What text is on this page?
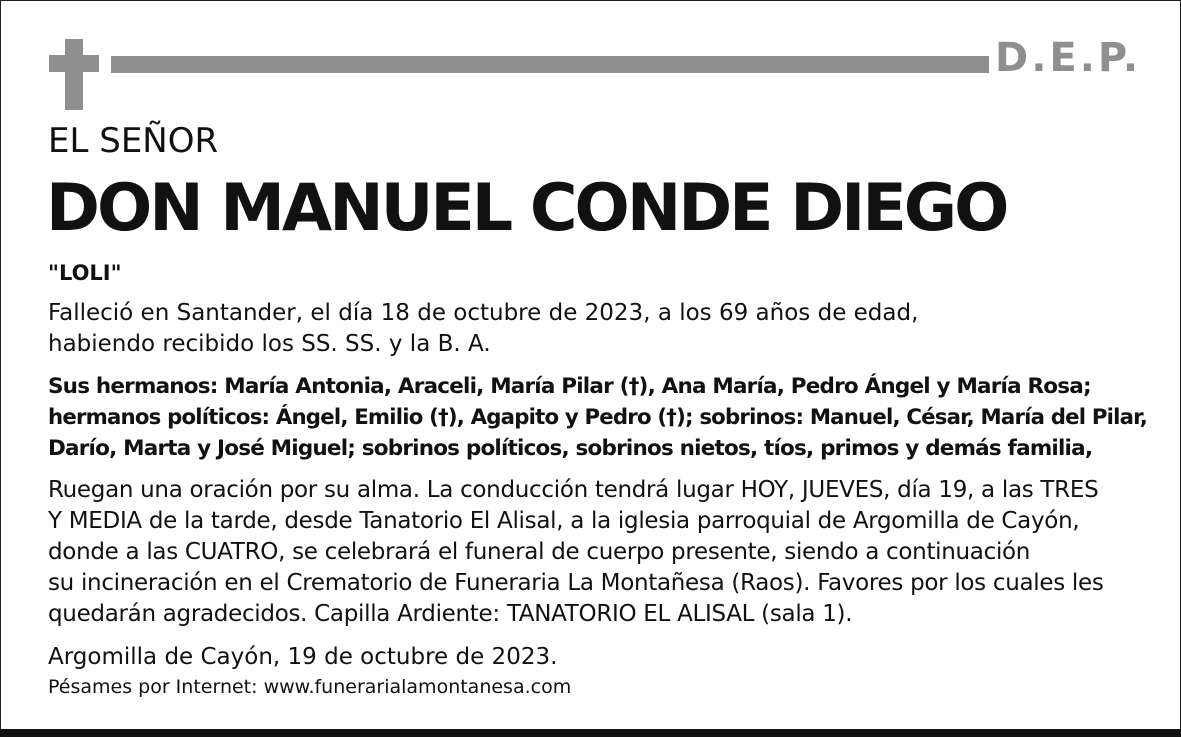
D.E.P.
EL SEÑOR
DON MANUEL CONDE DIEGO
"LOLI"
Falleció en Santander, el día 18 de octubre de 2023, a los 69 años de edad,
habiendo recibido los SS. SS. y la B. A.
Sus hermanos: María Antonia, Araceli, María Pilar (†), Ana María, Pedro Ángel y María Rosa;
hermanos políticos: Ángel, Emilio (†), Agapito y Pedro (†); sobrinos: Manuel, César, María del Pilar,
Darío, Marta y José Miguel; sobrinos políticos, sobrinos nietos, tíos, primos y demás familia,
Ruegan una oración por su alma. La conducción tendrá lugar HOY, JUEVES, día 19, a las TRES
Y MEDIA de la tarde, desde Tanatorio El Alisal, a la iglesia parroquial de Argomilla de Cayón,
donde a las CUATRO, se celebrará el funeral de cuerpo presente, siendo a continuación
su incineración en el Crematorio de Funeraria La Montañesa (Raos). Favores por los cuales les
quedarán agradecidos. Capilla Ardiente: TANATORIO EL ALISAL (sala 1).
Argomilla de Cayón, 19 de octubre de 2023.
Pésames por Internet: www.funerarialamontanesa.com
